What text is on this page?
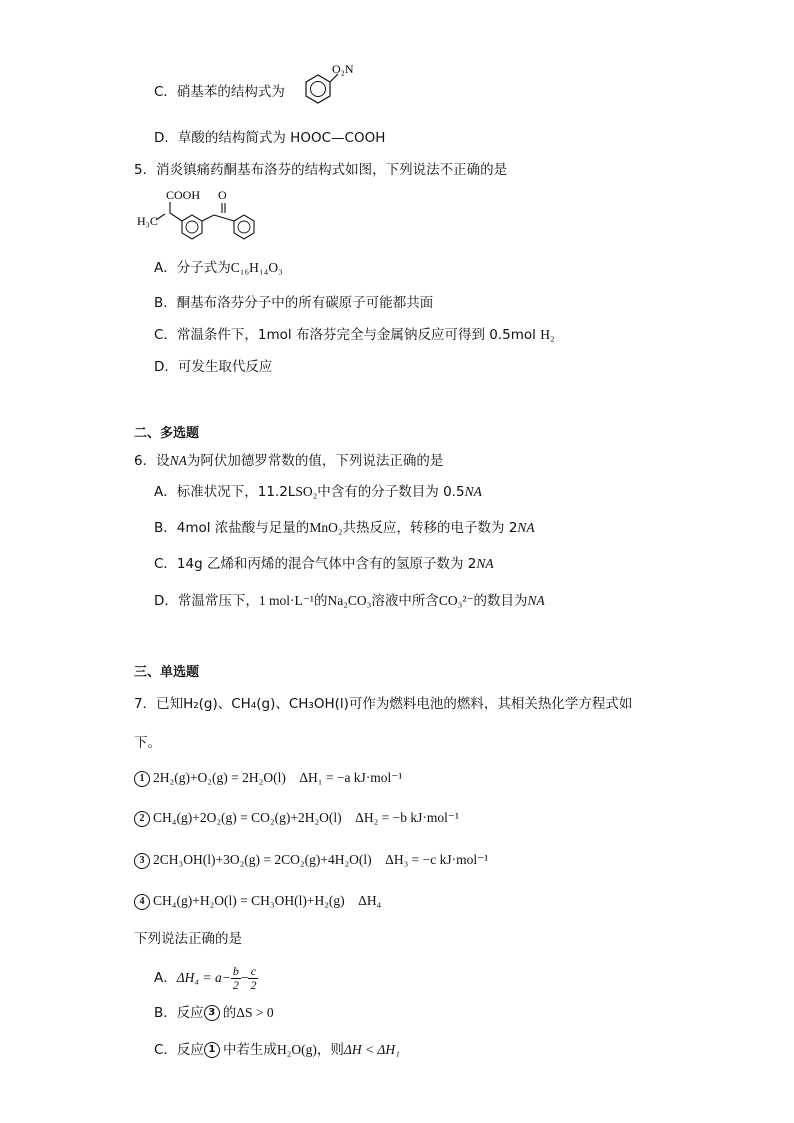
C．硝基苯的结构式为
O₂N
D．草酸的结构简式为 HOOC—COOH
5．消炎镇痛药酮基布洛芬的结构式如图，下列说法不正确的是
COOH O
H₃C
A．分子式为C₁₆H₁₄O₃
B．酮基布洛芬分子中的所有碳原子可能都共面
C．常温条件下，1mol 布洛芬完全与金属钠反应可得到 0.5mol H₂
D．可发生取代反应
二、多选题
6．设NA为阿伏加德罗常数的值，下列说法正确的是
A．标准状况下，11.2LSO₂中含有的分子数目为 0.5NA
B．4mol 浓盐酸与足量的MnO₂共热反应，转移的电子数为 2NA
C．14g 乙烯和丙烯的混合气体中含有的氢原子数为 2NA
D．常温常压下，1 mol·L⁻¹的Na₂CO₃溶液中所含CO₃²⁻的数目为NA
三、单选题
7．已知H₂(g)、CH₄(g)、CH₃OH(l)可作为燃料电池的燃料，其相关热化学方程式如
下。
1 2H₂(g)+O₂(g) = 2H₂O(l) ΔH₁ = −a kJ·mol⁻¹
2 CH₄(g)+2O₂(g) = CO₂(g)+2H₂O(l) ΔH₂ = −b kJ·mol⁻¹
3 2CH₃OH(l)+3O₂(g) = 2CO₂(g)+4H₂O(l) ΔH₃ = −c kJ·mol⁻¹
4 CH₄(g)+H₂O(l) = CH₃OH(l)+H₂(g) ΔH₄
下列说法正确的是
A．$\Delta H_4 = a- \frac{b}{2} - \frac{c}{2}$
B．反应 3 的ΔS > 0
C．反应 1 中若生成H₂O(g)，则ΔH < ΔH₁
